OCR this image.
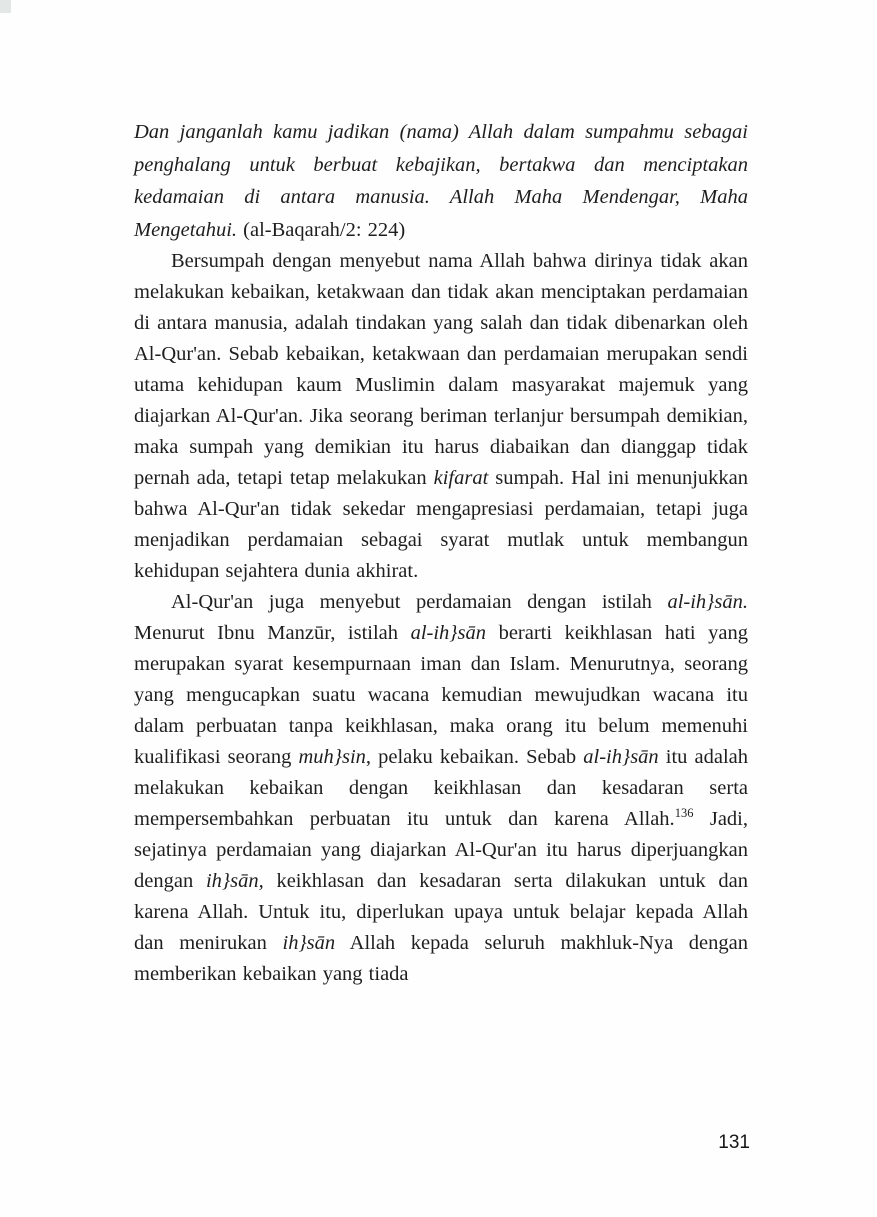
Dan janganlah kamu jadikan (nama) Allah dalam sumpahmu sebagai penghalang untuk berbuat kebajikan, bertakwa dan menciptakan kedamaian di antara manusia. Allah Maha Mendengar, Maha Mengetahui. (al-Baqarah/2: 224)

Bersumpah dengan menyebut nama Allah bahwa dirinya tidak akan melakukan kebaikan, ketakwaan dan tidak akan menciptakan perdamaian di antara manusia, adalah tindakan yang salah dan tidak dibenarkan oleh Al-Qur'an. Sebab kebaikan, ketakwaan dan perdamaian merupakan sendi utama kehidupan kaum Muslimin dalam masyarakat majemuk yang diajarkan Al-Qur'an. Jika seorang beriman terlanjur bersumpah demikian, maka sumpah yang demikian itu harus diabaikan dan dianggap tidak pernah ada, tetapi tetap melakukan kifarat sumpah. Hal ini menunjukkan bahwa Al-Qur'an tidak sekedar mengapresiasi perdamaian, tetapi juga menjadikan perdamaian sebagai syarat mutlak untuk membangun kehidupan sejahtera dunia akhirat.

Al-Qur'an juga menyebut perdamaian dengan istilah al-ih}sān. Menurut Ibnu Manzūr, istilah al-ih}sān berarti keikhlasan hati yang merupakan syarat kesempurnaan iman dan Islam. Menurutnya, seorang yang mengucapkan suatu wacana kemudian mewujudkan wacana itu dalam perbuatan tanpa keikhlasan, maka orang itu belum memenuhi kualifikasi seorang muh}sin, pelaku kebaikan. Sebab al-ih}sān itu adalah melakukan kebaikan dengan keikhlasan dan kesadaran serta mempersembahkan perbuatan itu untuk dan karena Allah.$^{136}$ Jadi, sejatinya perdamaian yang diajarkan Al-Qur'an itu harus diperjuangkan dengan ih}sān, keikhlasan dan kesadaran serta dilakukan untuk dan karena Allah. Untuk itu, diperlukan upaya untuk belajar kepada Allah dan menirukan ih}sān Allah kepada seluruh makhluk-Nya dengan memberikan kebaikan yang tiada

131
